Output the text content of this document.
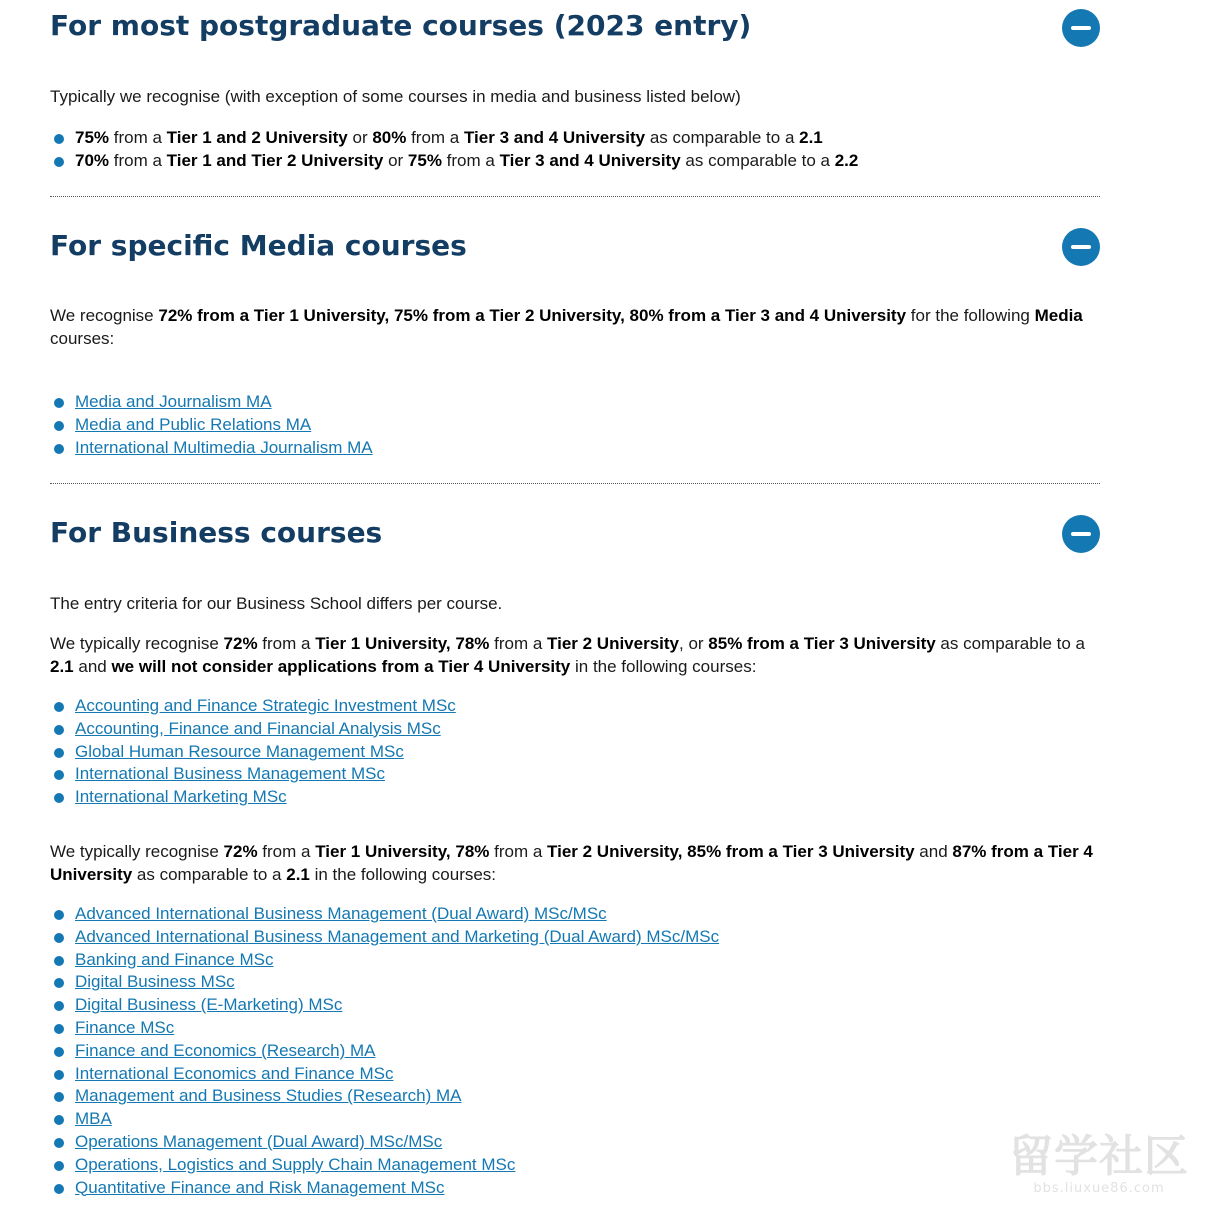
For most postgraduate courses (2023 entry)

Typically we recognise (with exception of some courses in media and business listed below)

75% from a Tier 1 and 2 University or 80% from a Tier 3 and 4 University as comparable to a 2.1
70% from a Tier 1 and Tier 2 University or 75% from a Tier 3 and 4 University as comparable to a 2.2
For specific Media courses

We recognise 72% from a Tier 1 University, 75% from a Tier 2 University, 80% from a Tier 3 and 4 University for the following Media courses:

Media and Journalism MA
Media and Public Relations MA
International Multimedia Journalism MA
For Business courses

The entry criteria for our Business School differs per course.

We typically recognise 72% from a Tier 1 University, 78% from a Tier 2 University, or 85% from a Tier 3 University as comparable to a 2.1 and we will not consider applications from a Tier 4 University in the following courses:

Accounting and Finance Strategic Investment MSc
Accounting, Finance and Financial Analysis MSc
Global Human Resource Management MSc
International Business Management MSc
International Marketing MSc

We typically recognise 72% from a Tier 1 University, 78% from a Tier 2 University, 85% from a Tier 3 University and 87% from a Tier 4 University as comparable to a 2.1 in the following courses:

Advanced International Business Management (Dual Award) MSc/MSc
Advanced International Business Management and Marketing (Dual Award) MSc/MSc
Banking and Finance MSc
Digital Business MSc
Digital Business (E-Marketing) MSc
Finance MSc
Finance and Economics (Research) MA
International Economics and Finance MSc
Management and Business Studies (Research) MA
MBA
Operations Management (Dual Award) MSc/MSc
Operations, Logistics and Supply Chain Management MSc
Quantitative Finance and Risk Management MSc
留学社区
bbs.liuxue86.com
